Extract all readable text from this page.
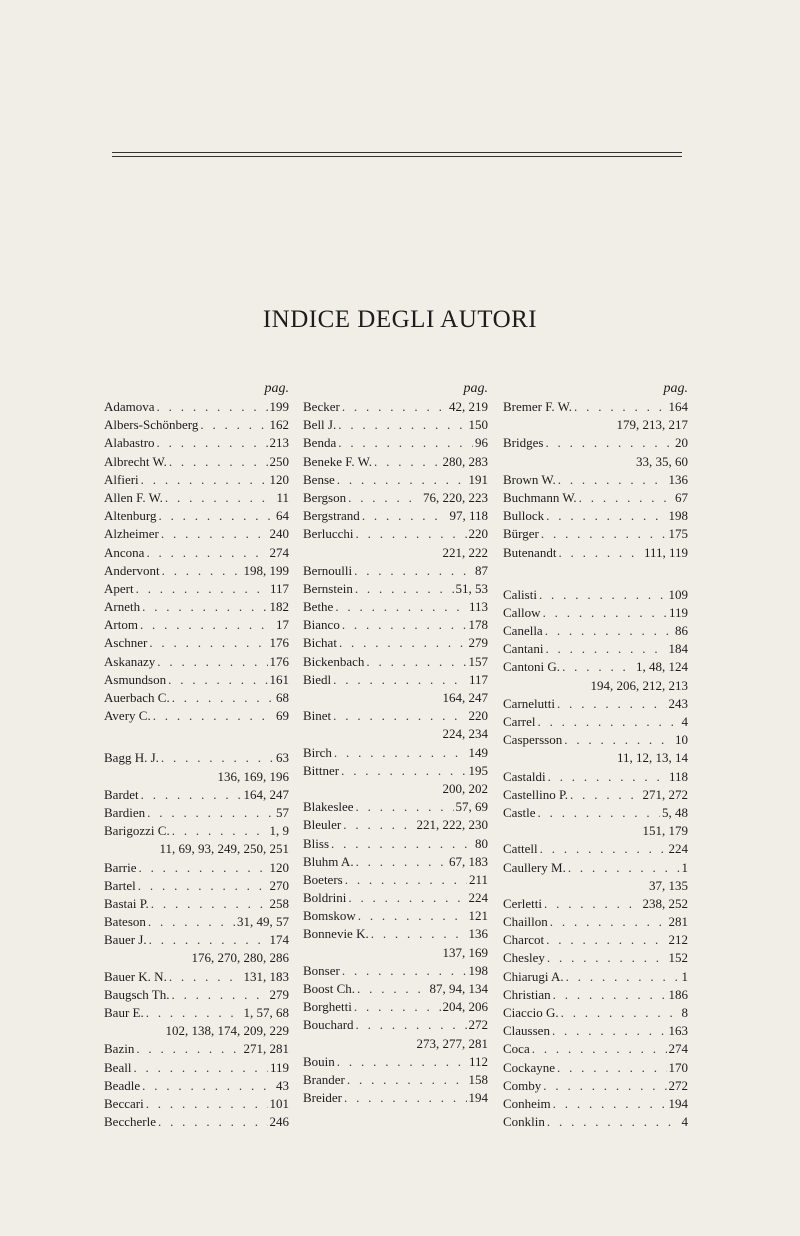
INDICE DEGLI AUTORI
pag.
Adamova . . .	199
Albers-Schönberg . . .	162
Alabastro . . .	213
Albrecht W. . . .	250
Alfieri . . .	120
Allen F. W. . . .	11
Altenburg . . .	64
Alzheimer . . .	240
Ancona . . .	274
Andervont . . .	198, 199
Apert . . .	117
Arneth . . .	182
Artom . . .	17
Aschner . . .	176
Askanazy . . .	176
Asmundson . . .	161
Auerbach C. . . .	68
Avery C. . . .	69
Bagg H. J. . . .	63
136, 169, 196
Bardet . . .	164, 247
Bardien . . .	57
Barigozzi C. . . .	1, 9
11, 69, 93, 249, 250, 251
Barrie . . .	120
Bartel . . .	270
Bastai P. . . .	258
Bateson . . .	31, 49, 57
Bauer J. . . .	174
176, 270, 280, 286
Bauer K. N. . . .	131, 183
Baugsch Th. . . .	279
Baur E. . . .	1, 57, 68
102, 138, 174, 209, 229
Bazin . . .	271, 281
Beall . . .	119
Beadle . . .	43
Beccari . . .	101
Beccherle . . .	246
pag.
Becker . . .	42, 219
Bell J. . . .	150
Benda . . .	96
Beneke F. W. . . .	280, 283
Bense . . .	191
Bergson . . .	76, 220, 223
Bergstrand . . .	97, 118
Berlucchi . . .	220
221, 222
Bernoulli . . .	87
Bernstein . . .	51, 53
Bethe . . .	113
Bianco . . .	178
Bichat . . .	279
Bickenbach . . .	157
Biedl . . .	117
164, 247
Binet . . .	220
224, 234
Birch . . .	149
Bittner . . .	195
200, 202
Blakeslee . . .	57, 69
Bleuler . . .	221, 222, 230
Bliss . . .	80
Bluhm A. . . .	67, 183
Boeters . . .	211
Boldrini . . .	224
Bomskow . . .	121
Bonnevie K. . . .	136
137, 169
Bonser . . .	198
Boost Ch. . . .	87, 94, 134
Borghetti . . .	204, 206
Bouchard . . .	272
273, 277, 281
Bouin . . .	112
Brander . . .	158
Breider . . .	194
pag.
Bremer F. W. . . .	164
179, 213, 217
Bridges . . .	20
33, 35, 60
Brown W. . . .	136
Buchmann W. . . .	67
Bullock . . .	198
Bürger . . .	175
Butenandt . . .	111, 119
Calisti . . .	109
Callow . . .	119
Canella . . .	86
Cantani . . .	184
Cantoni G. . . .	1, 48, 124
194, 206, 212, 213
Carnelutti . . .	243
Carrel . . .	4
Caspersson . . .	10
11, 12, 13, 14
Castaldi . . .	118
Castellino P. . . .	271, 272
Castle . . .	5, 48
151, 179
Cattell . . .	224
Caullery M. . . .	1
37, 135
Cerletti . . .	238, 252
Chaillon . . .	281
Charcot . . .	212
Chesley . . .	152
Chiarugi A. . . .	1
Christian . . .	186
Ciaccio G. . . .	8
Claussen . . .	163
Coca . . .	274
Cockayne . . .	170
Comby . . .	272
Conheim . . .	194
Conklin . . .	4
